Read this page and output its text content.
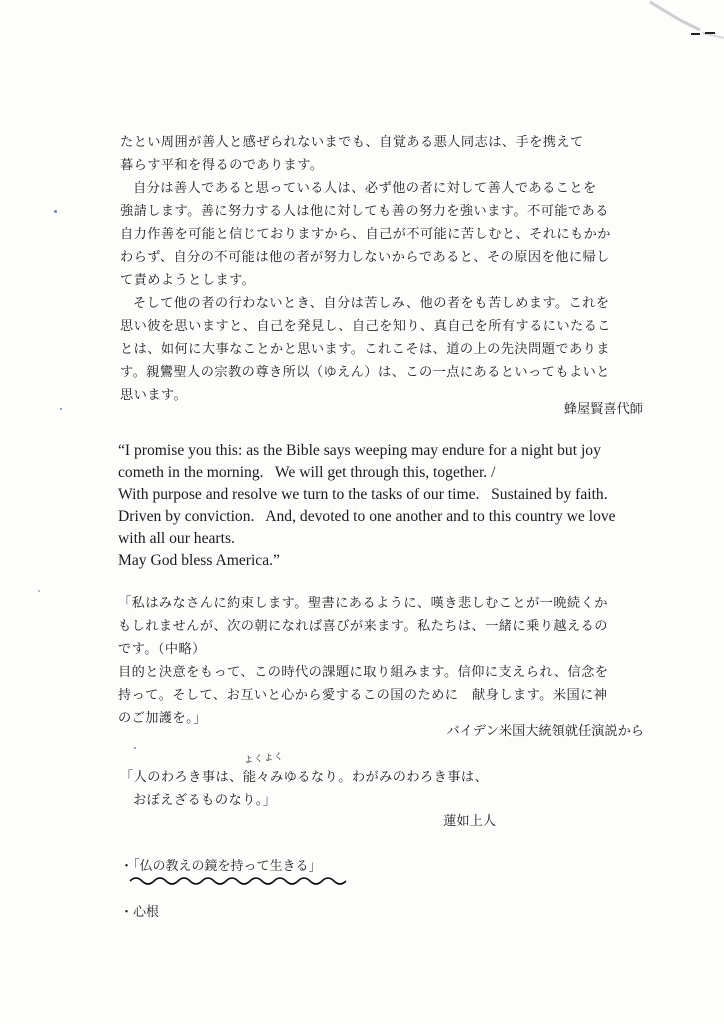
たとい周囲が善人と感ぜられないまでも、自覚ある悪人同志は、手を携えて
暮らす平和を得るのであります。
自分は善人であると思っている人は、必ず他の者に対して善人であることを
強請します。善に努力する人は他に対しても善の努力を強います。不可能である
自力作善を可能と信じておりますから、自己が不可能に苦しむと、それにもかか
わらず、自分の不可能は他の者が努力しないからであると、その原因を他に帰し
て責めようとします。
そして他の者の行わないとき、自分は苦しみ、他の者をも苦しめます。これを
思い彼を思いますと、自己を発見し、自己を知り、真自己を所有するにいたるこ
とは、如何に大事なことかと思います。これこそは、道の上の先決問題でありま
す。親鸞聖人の宗教の尊き所以（ゆえん）は、この一点にあるといってもよいと
思います。

蜂屋賢喜代師

“I promise you this: as the Bible says weeping may endure for a night but joy
cometh in the morning.   We will get through this, together. /
With purpose and resolve we turn to the tasks of our time.   Sustained by faith.
Driven by conviction.   And, devoted to one another and to this country we love
with all our hearts.
May God bless America.”
「私はみなさんに約束します。聖書にあるように、嘆き悲しむことが一晩続くか
もしれませんが、次の朝になれば喜びが来ます。私たちは、一緒に乗り越えるの
です。（中略）
目的と決意をもって、この時代の課題に取り組みます。信仰に支えられ、信念を
持って。そして、お互いと心から愛するこの国のために　献身します。米国に神
のご加護を。」

バイデン米国大統領就任演説から

よくよく
「人のわろき事は、能々みゆるなり。わがみのわろき事は、
おぼえざるものなり。」

蓮如上人

・「仏の教えの鏡を持って生きる」
・心根
